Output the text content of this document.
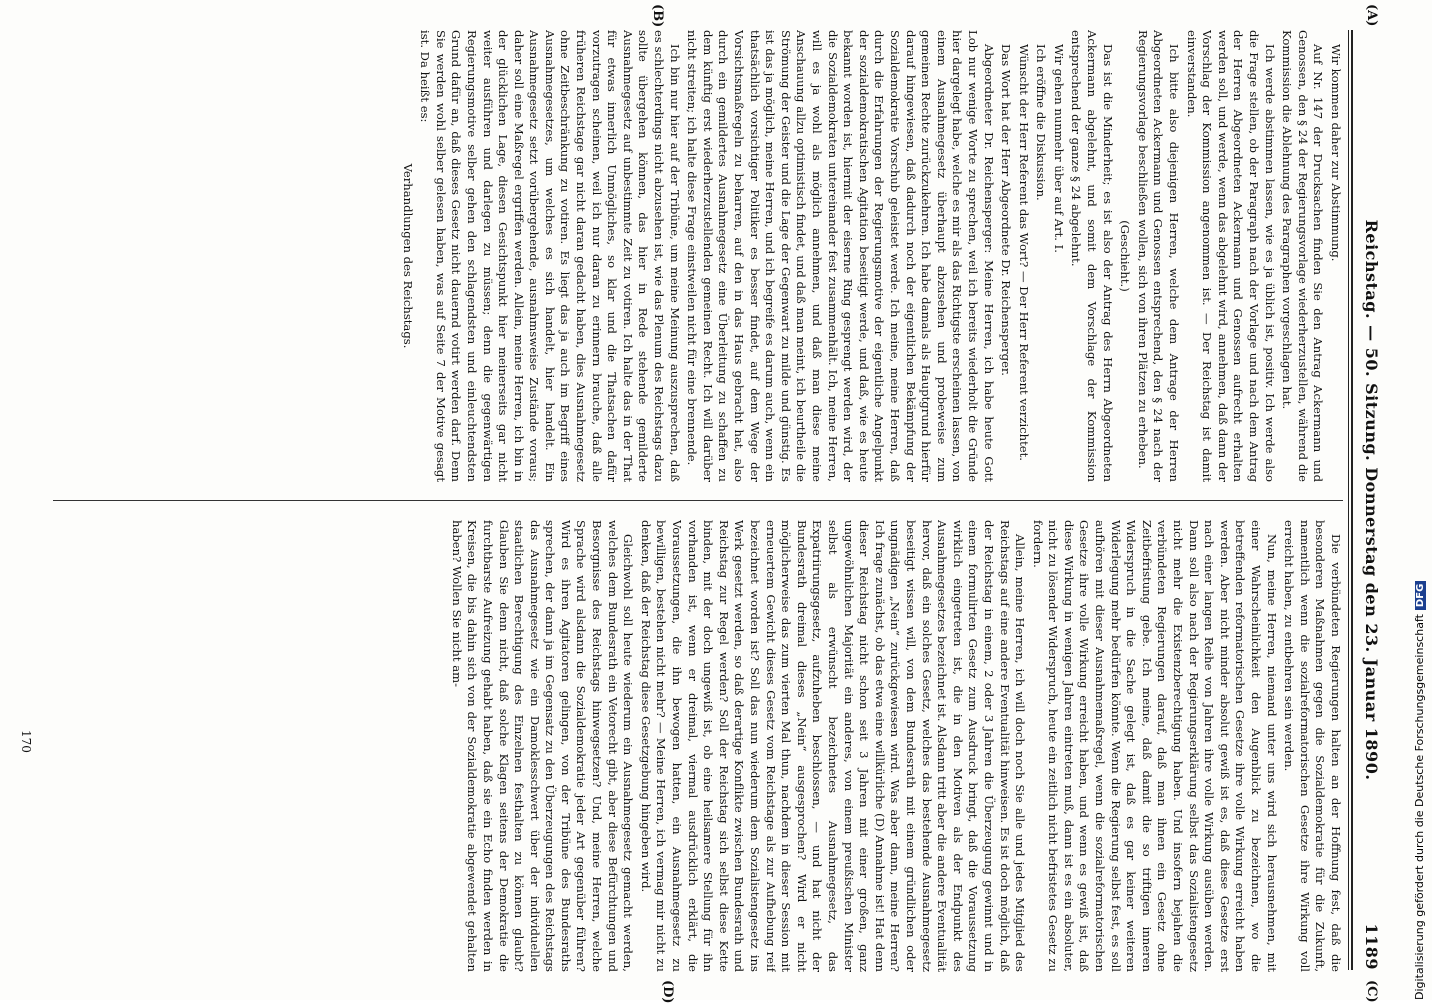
Reichstag. — 50. Sitzung. Donnerstag den 23. Januar 1890.
1189
(A)
(C)
(B)
(D)

Wir kommen daher zur Abstimmung.

Auf Nr. 147 der Drucksachen finden Sie den Antrag Ackermann und Genossen, den § 24 der Regierungsvorlage wiederherzustellen, während die Kommission die Ablehnung des Paragraphen vorgeschlagen hat.

Ich werde abstimmen lassen, wie es ja üblich ist, positiv. Ich werde also die Frage stellen, ob der Paragraph nach der Vorlage und nach dem Antrag der Herren Abgeordneten Ackermann und Genossen aufrecht erhalten werden soll, und werde, wenn das abgelehnt wird, annehmen, daß dann der Vorschlag der Kommission angenommen ist. — Der Reichstag ist damit einverstanden.

Ich bitte also diejenigen Herren, welche dem Antrage der Herren Abgeordneten Ackermann und Genossen entsprechend, den § 24 nach der Regierungsvorlage beschließen wollen, sich von ihren Plätzen zu erheben.

(Geschieht.)

Das ist die Minderheit; es ist also der Antrag des Herrn Abgeordneten Ackermann abgelehnt, und somit dem Vorschlage der Kommission entsprechend der ganze § 24 abgelehnt.

Wir gehen nunmehr über auf Art. I.

Ich eröffne die Diskussion.

Wünscht der Herr Referent das Wort? — Der Herr Referent verzichtet.

Das Wort hat der Herr Abgeordnete Dr. Reichensperger.

Abgeordneter Dr. Reichensperger: Meine Herren, ich habe heute Gott Lob nur wenige Worte zu sprechen, weil ich bereits wiederholt die Gründe hier dargelegt habe, welche es mir als das Richtigste erscheinen lassen, von einem Ausnahmegesetz überhaupt abzusehen und probeweise zum gemeinen Rechte zurückzukehren. Ich habe damals als Hauptgrund hierfür darauf hingewiesen, daß dadurch noch der eigentlichen Bekämpfung der Sozialdemokratie Vorschub geleistet werde. Ich meine, meine Herren, daß durch die Erfahrungen der Regierungsmotive der eigentliche Angelpunkt der sozialdemokratischen Agitation beseitigt werde, und daß, wie es heute bekannt worden ist, hiermit der eiserne Ring gesprengt werden wird, der die Sozialdemokraten untereinander fest zusammenhält. Ich, meine Herren, will es ja wohl als möglich annehmen, und daß man diese meine Anschauung allzu optimistisch findet, und daß man meint, ich beurtheile die Strömung der Geister und die Lage der Gegenwart zu milde und günstig. Es ist das ja möglich, meine Herren, und ich begreife es darum auch, wenn ein thatsächlich vorsichtiger Politiker es besser findet, auf dem Wege der Vorsichtsmaßregeln zu beharren, auf den in das Haus gebracht hat, also durch ein gemildertes Ausnahmegesetz eine Überleitung zu schaffen zu dem künftig erst wiederherzustellenden gemeinen Recht. Ich will darüber nicht streiten; ich halte diese Frage einstweilen nicht für eine brennende.

Ich bin nur hier auf der Tribüne, um meine Meinung auszusprechen, daß es schlechterdings nicht abzusehen ist, wie das Plenum des Reichstags dazu sollte übergehen können, das hier in Rede stehende gemilderte Ausnahmegesetz auf unbestimmte Zeit zu votiren. Ich halte das in der That für etwas innerlich Unmögliches, so klar und die Thatsachen dafür vorzutragen scheinen, weil ich nur daran zu erinnern brauche, daß alle früheren Reichstage gar nicht daran gedacht haben, dies Ausnahmegesetz ohne Zeitbeschränkung zu votiren. Es liegt das ja auch im Begriff eines Ausnahmegesetzes, um welches es sich handelt, hier handelt. Ein Ausnahmegesetz setzt vorübergehende, ausnahmsweise Zustände voraus; daher soll eine Maßregel ergriffen werden. Allein, meine Herren, ich bin in der glücklichen Lage, diesen Gesichtspunkt hier meinerseits gar nicht weiter ausführen und darlegen zu müssen; denn die gegenwärtigen Regierungsmotive selber gehen den schlagendsten und einleuchtendsten Grund dafür an, daß dieses Gesetz nicht dauernd votirt werden darf. Denn Sie werden wohl selber gelesen haben, was auf Seite 7 der Motive gesagt ist. Da heißt es:

Verhandlungen des Reichstags.

Die verbündeten Regierungen halten an der Hoffnung fest, daß die besonderen Maßnahmen gegen die Sozialdemokratie für die Zukunft, namentlich wenn die sozialreformatorischen Gesetze ihre Wirkung voll erreicht haben, zu entbehren sein werden.

Nun, meine Herren, niemand unter uns wird sich herausnehmen, mit einer Wahrscheinlichkeit den Augenblick zu bezeichnen, wo die betreffenden reformatorischen Gesetze ihre volle Wirkung erreicht haben werden. Aber nicht minder absolut gewiß ist es, daß diese Gesetze erst nach einer langen Reihe von Jahren ihre volle Wirkung ausüben werden. Dann soll also nach der Regierungserklärung selbst das Sozialistengesetz nicht mehr die Existenzberechtigung haben. Und insofern bejahen die verbündeten Regierungen darauf, daß man ihnen ein Gesetz ohne Zeitbefristung gebe. Ich meine, daß damit die so triftigen inneren Widerspruch in die Sache gelegt ist, daß es gar keiner weiteren Widerlegung mehr bedürfen könnte. Wenn die Regierung selbst fest, es soll aufhören mit dieser Ausnahmemaßregel, wenn die sozialreformatorischen Gesetze ihre volle Wirkung erreicht haben, und wenn es gewiß ist, daß diese Wirkung in wenigen Jahren eintreten muß, dann ist es ein absoluter, nicht zu lösender Widerspruch, heute ein zeitlich nicht befristetes Gesetz zu fordern.

Allein, meine Herren, ich will doch noch Sie alle und jedes Mitglied des Reichstags auf eine andere Eventualität hinweisen. Es ist doch möglich, daß der Reichstag in einem, 2 oder 3 Jahren die Überzeugung gewinnt und in einem formulirten Gesetz zum Ausdruck bringt, daß die Voraussetzung wirklich eingetreten ist, die in den Motiven als der Endpunkt des Ausnahmegesetzes bezeichnet ist. Alsdann tritt aber die andere Eventualität hervor, daß ein solches Gesetz, welches das bestehende Ausnahmegesetz beseitigt wissen will, von dem Bundesrath mit einem gründlichen oder ungnädigen „Nein“ zurückgewiesen wird. Was aber dann, meine Herren? Ich frage zunächst, ob das etwa eine willkürliche (D) Annahme ist! Hat denn dieser Reichstag nicht schon seit 3 Jahren mit einer großen, ganz ungewöhnlichen Majorität ein anderes, von einem preußischen Minister selbst als erwünscht bezeichnetes Ausnahmegesetz, das Expatriirungsgesetz, aufzuheben beschlossen, — und hat nicht der Bundesrath dreimal dieses „Nein“ ausgesprochen? Wird er nicht möglicherweise das zum vierten Mal thun, nachdem in dieser Session mit erneuertem Gewicht dieses Gesetz vom Reichstage als zur Aufhebung reif bezeichnet worden ist? Soll das nun wiederum dem Sozialistengesetz ins Werk gesetzt werden, so daß derartige Konflikte zwischen Bundesrath und Reichstag zur Regel werden? Soll der Reichstag sich selbst diese Kette binden, mit der doch ungewiß ist, ob eine heilsamere Stellung für ihn vorhanden ist, wenn er dreimal, viermal ausdrücklich erklärt, die Voraussetzungen, die ihn bewogen hatten, ein Ausnahmegesetz zu bewilligen, bestehen nicht mehr? — Meine Herren, ich vermag mir nicht zu denken, daß der Reichstag diese Gesetzgebung hingeben wird.

Gleichwohl soll heute wiederum ein Ausnahmegesetz gemacht werden, welches dem Bundesrath ein Vetorecht gibt, aber diese Befürchtungen und Besorgnisse des Reichstags hinwegsetzen? Und, meine Herren, welche Sprache wird alsdann die Sozialdemokratie jeder Art gegenüber führen? Wird es ihren Agitatoren gelingen, von der Tribüne des Bundesraths sprechen, der dann ja im Gegensatz zu den Überzeugungen des Reichstags das Ausnahmegesetz wie ein Damoklesschwert über der individuellen staatlichen Berechtigung des Einzelnen festhalten zu können glaubt? Glauben Sie denn nicht, daß solche Klagen seitens der Demokratie die furchtbarste Aufreizung gehabt haben, daß sie ein Echo finden werden in Kreisen, die bis dahin sich von der Sozialdemokratie abgewendet gehalten haben? Wollen Sie nicht am-

170	Digitalisierung gefördert durch die Deutsche ForschungsgemeinschaftDFG
